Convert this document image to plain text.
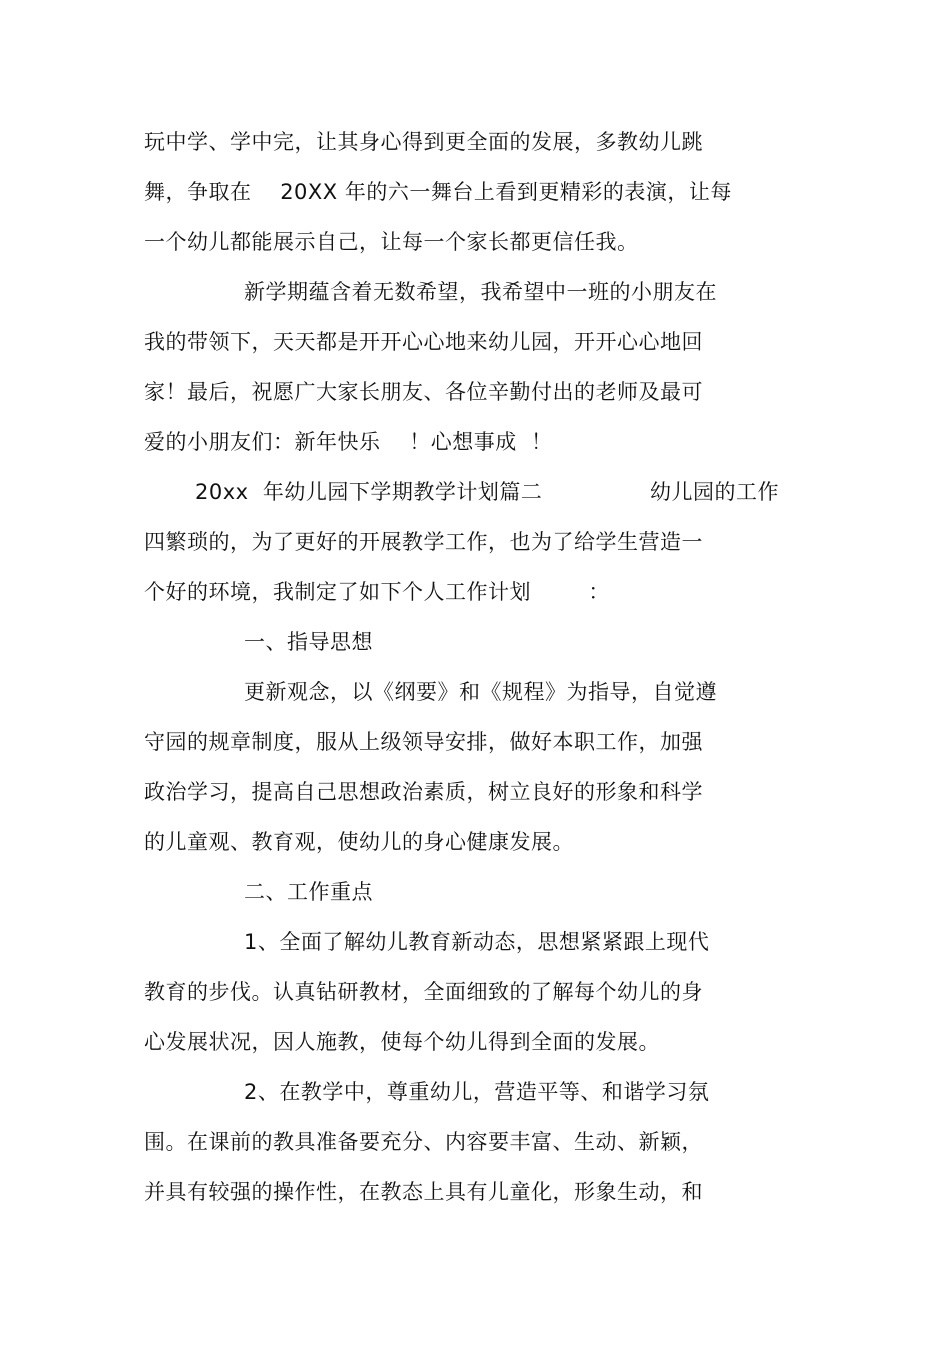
玩中学、学中完，让其身心得到更全面的发展，多教幼儿跳
舞，争取在    20XX 年的六一舞台上看到更精彩的表演，让每
一个幼儿都能展示自己，让每一个家长都更信任我。
新学期蕴含着无数希望，我希望中一班的小朋友在
我的带领下，天天都是开开心心地来幼儿园，开开心心地回
家！最后，祝愿广大家长朋友、各位辛勤付出的老师及最可
爱的小朋友们：新年快乐    ！心想事成  ！
20xx  年幼儿园下学期教学计划篇二               幼儿园的工作
四繁琐的，为了更好的开展教学工作，也为了给学生营造一
个好的环境，我制定了如下个人工作计划        ：
一、指导思想
更新观念，以《纲要》和《规程》为指导，自觉遵
守园的规章制度，服从上级领导安排，做好本职工作，加强
政治学习，提高自己思想政治素质，树立良好的形象和科学
的儿童观、教育观，使幼儿的身心健康发展。
二、工作重点
1、全面了解幼儿教育新动态，思想紧紧跟上现代
教育的步伐。认真钻研教材，全面细致的了解每个幼儿的身
心发展状况，因人施教，使每个幼儿得到全面的发展。
2、在教学中，尊重幼儿，营造平等、和谐学习氛
围。在课前的教具准备要充分、内容要丰富、生动、新颖，
并具有较强的操作性，在教态上具有儿童化，形象生动，和
